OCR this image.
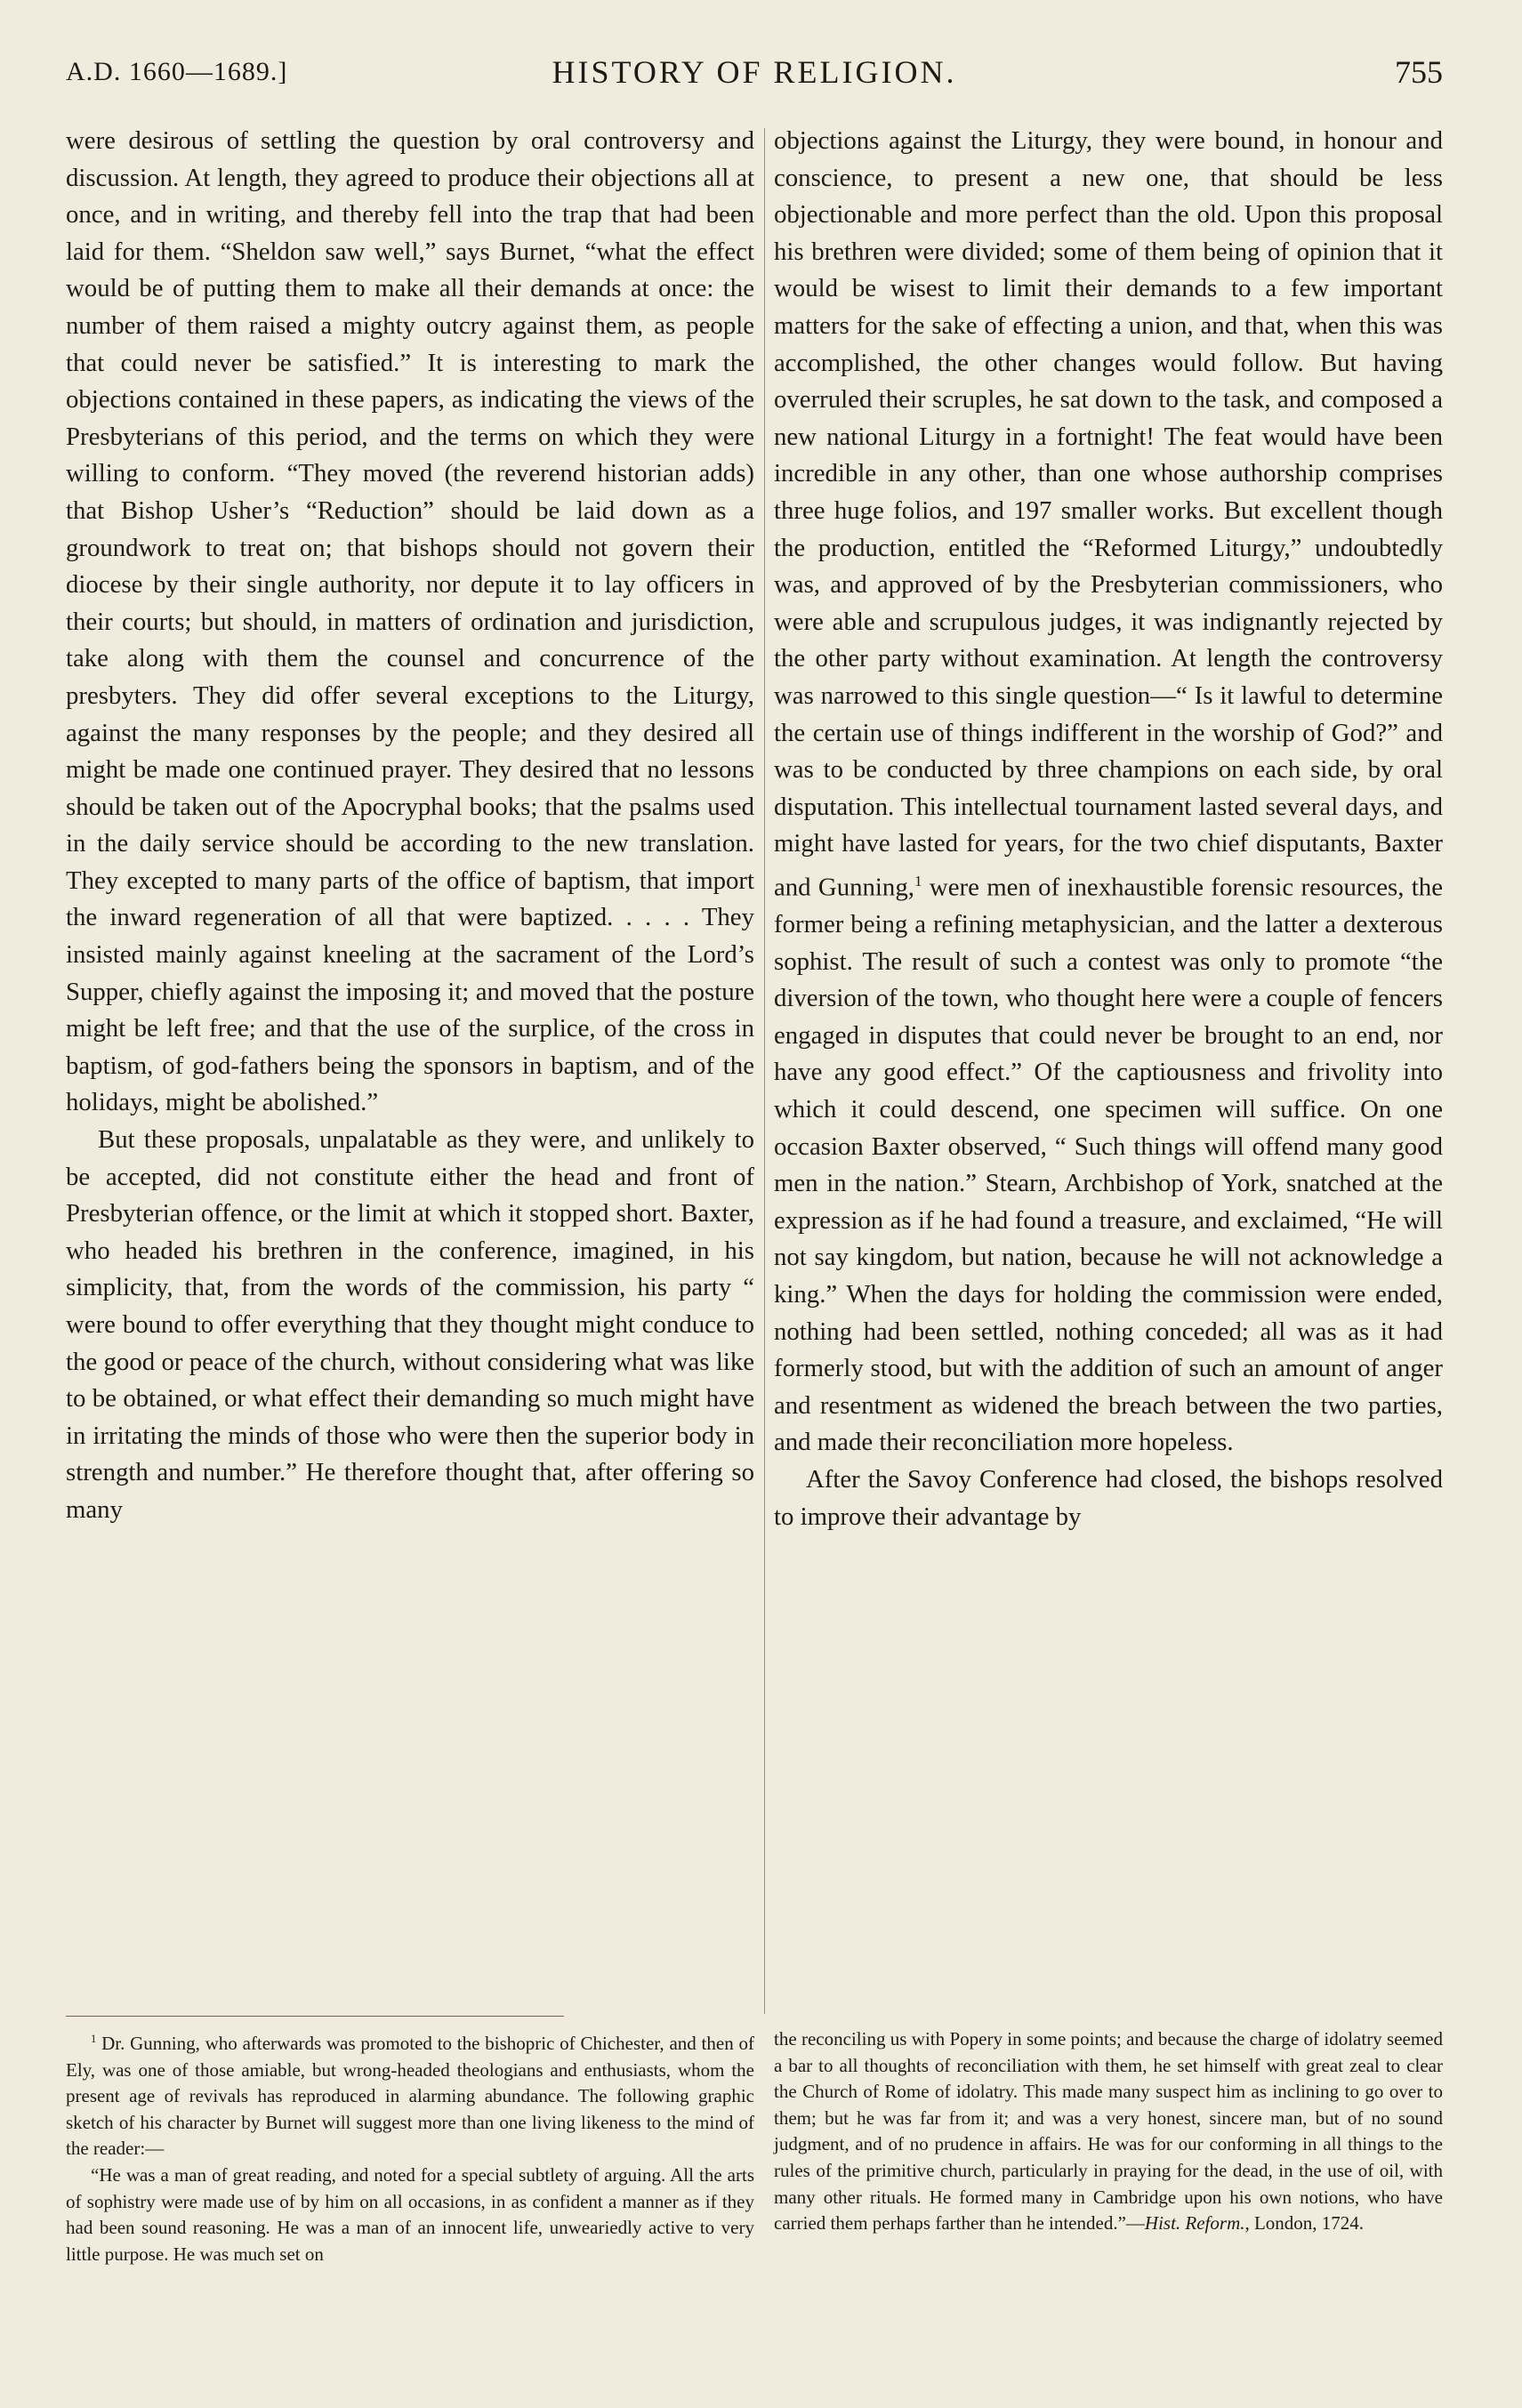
A.D. 1660—1689.]	HISTORY OF RELIGION.	755

were desirous of settling the question by oral controversy and discussion. At length, they agreed to produce their objections all at once, and in writing, and thereby fell into the trap that had been laid for them. “Sheldon saw well,” says Burnet, “what the effect would be of putting them to make all their demands at once: the number of them raised a mighty outcry against them, as people that could never be satisfied.” It is interesting to mark the objections contained in these papers, as indicating the views of the Presbyterians of this period, and the terms on which they were willing to conform. “They moved (the reverend historian adds) that Bishop Usher’s “Reduction” should be laid down as a groundwork to treat on; that bishops should not govern their diocese by their single authority, nor depute it to lay officers in their courts; but should, in matters of ordination and jurisdiction, take along with them the counsel and concurrence of the presbyters. They did offer several exceptions to the Liturgy, against the many responses by the people; and they desired all might be made one continued prayer. They desired that no lessons should be taken out of the Apocryphal books; that the psalms used in the daily service should be according to the new translation. They excepted to many parts of the office of baptism, that import the inward regeneration of all that were baptized. . . . . They insisted mainly against kneeling at the sacrament of the Lord’s Supper, chiefly against the imposing it; and moved that the posture might be left free; and that the use of the surplice, of the cross in baptism, of god-fathers being the sponsors in baptism, and of the holidays, might be abolished.”

But these proposals, unpalatable as they were, and unlikely to be accepted, did not constitute either the head and front of Presbyterian offence, or the limit at which it stopped short. Baxter, who headed his brethren in the conference, imagined, in his simplicity, that, from the words of the commission, his party “ were bound to offer everything that they thought might conduce to the good or peace of the church, without considering what was like to be obtained, or what effect their demanding so much might have in irritating the minds of those who were then the superior body in strength and number.” He therefore thought that, after offering so many

objections against the Liturgy, they were bound, in honour and conscience, to present a new one, that should be less objectionable and more perfect than the old. Upon this proposal his brethren were divided; some of them being of opinion that it would be wisest to limit their demands to a few important matters for the sake of effecting a union, and that, when this was accomplished, the other changes would follow. But having overruled their scruples, he sat down to the task, and composed a new national Liturgy in a fortnight! The feat would have been incredible in any other, than one whose authorship comprises three huge folios, and 197 smaller works. But excellent though the production, entitled the “Reformed Liturgy,” undoubtedly was, and approved of by the Presbyterian commissioners, who were able and scrupulous judges, it was indignantly rejected by the other party without examination. At length the controversy was narrowed to this single question—“ Is it lawful to determine the certain use of things indifferent in the worship of God?” and was to be conducted by three champions on each side, by oral disputation. This intellectual tournament lasted several days, and might have lasted for years, for the two chief disputants, Baxter and Gunning,$^1$ were men of inexhaustible forensic resources, the former being a refining metaphysician, and the latter a dexterous sophist. The result of such a contest was only to promote “the diversion of the town, who thought here were a couple of fencers engaged in disputes that could never be brought to an end, nor have any good effect.” Of the captiousness and frivolity into which it could descend, one specimen will suffice. On one occasion Baxter observed, “ Such things will offend many good men in the nation.” Stearn, Archbishop of York, snatched at the expression as if he had found a treasure, and exclaimed, “He will not say kingdom, but nation, because he will not acknowledge a king.” When the days for holding the commission were ended, nothing had been settled, nothing conceded; all was as it had formerly stood, but with the addition of such an amount of anger and resentment as widened the breach between the two parties, and made their reconciliation more hopeless.

After the Savoy Conference had closed, the bishops resolved to improve their advantage by

$^1$ Dr. Gunning, who afterwards was promoted to the bishopric of Chichester, and then of Ely, was one of those amiable, but wrong-headed theologians and enthusiasts, whom the present age of revivals has reproduced in alarming abundance. The following graphic sketch of his character by Burnet will suggest more than one living likeness to the mind of the reader:—

“He was a man of great reading, and noted for a special subtlety of arguing. All the arts of sophistry were made use of by him on all occasions, in as confident a manner as if they had been sound reasoning. He was a man of an innocent life, unweariedly active to very little purpose. He was much set on

the reconciling us with Popery in some points; and because the charge of idolatry seemed a bar to all thoughts of reconciliation with them, he set himself with great zeal to clear the Church of Rome of idolatry. This made many suspect him as inclining to go over to them; but he was far from it; and was a very honest, sincere man, but of no sound judgment, and of no prudence in affairs. He was for our conforming in all things to the rules of the primitive church, particularly in praying for the dead, in the use of oil, with many other rituals. He formed many in Cambridge upon his own notions, who have carried them perhaps farther than he intended.”—Hist. Reform., London, 1724.
